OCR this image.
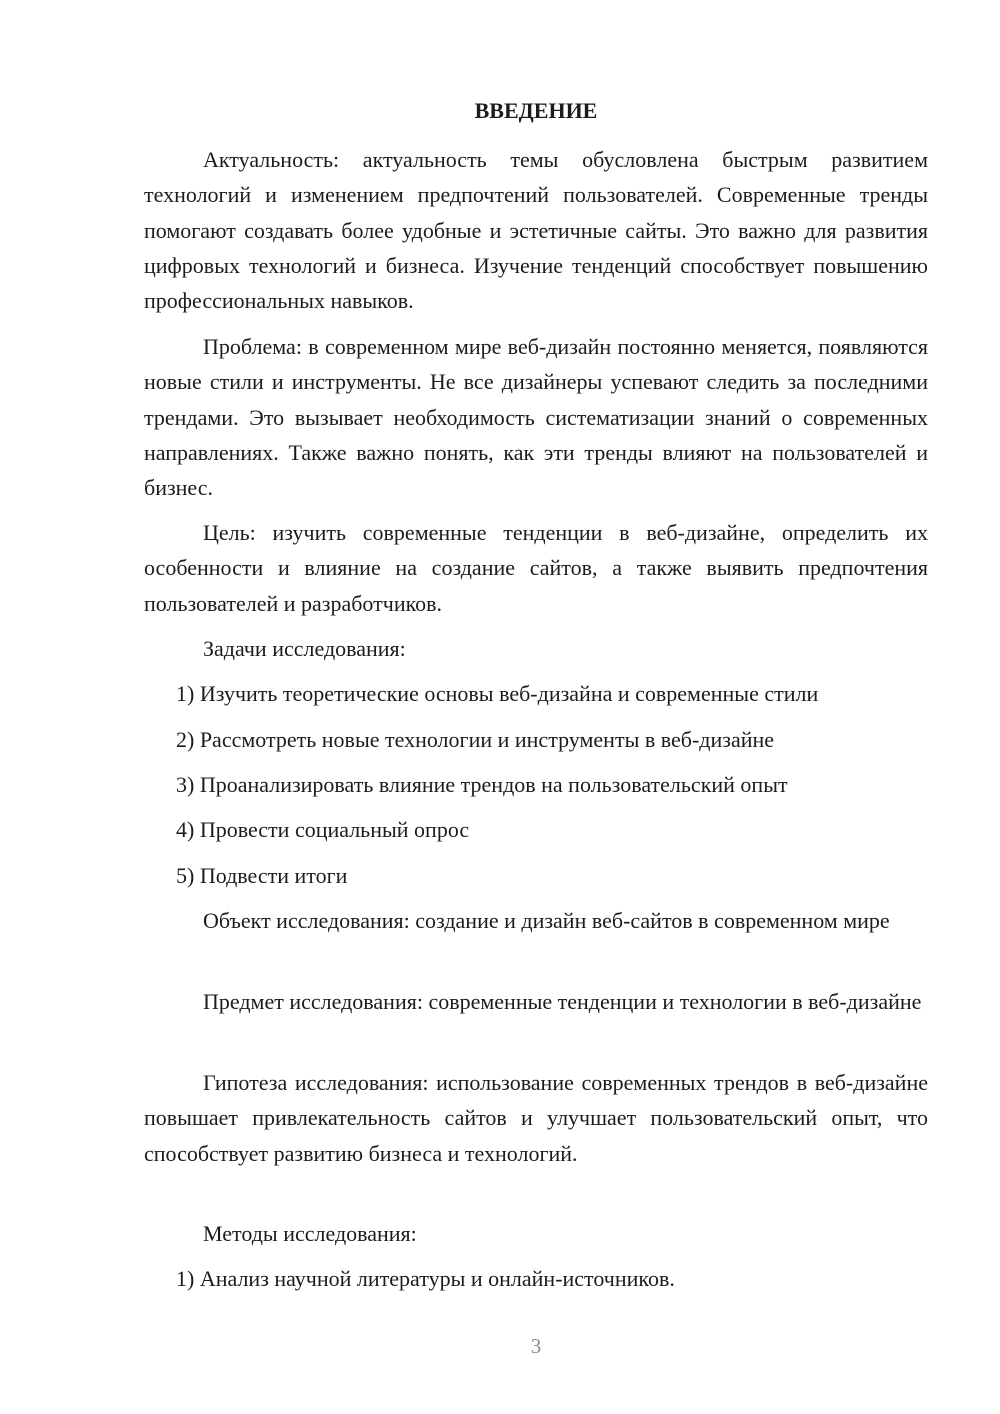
ВВЕДЕНИЕ

Актуальность: актуальность темы обусловлена быстрым развитием технологий и изменением предпочтений пользователей. Современные тренды помогают создавать более удобные и эстетичные сайты. Это важно для развития цифровых технологий и бизнеса. Изучение тенденций способствует повышению профессиональных навыков.

Проблема: в современном мире веб-дизайн постоянно меняется, появляются новые стили и инструменты. Не все дизайнеры успевают следить за последними трендами. Это вызывает необходимость систематизации знаний о современных направлениях. Также важно понять, как эти тренды влияют на пользователей и бизнес.

Цель: изучить современные тенденции в веб-дизайне, определить их особенности и влияние на создание сайтов, а также выявить предпочтения пользователей и разработчиков.

Задачи исследования:

1) Изучить теоретические основы веб-дизайна и современные стили

2) Рассмотреть новые технологии и инструменты в веб-дизайне

3) Проанализировать влияние трендов на пользовательский опыт

4) Провести социальный опрос

5) Подвести итоги

Объект исследования: создание и дизайн веб-сайтов в современном мире

Предмет исследования: современные тенденции и технологии в веб-дизайне

Гипотеза исследования: использование современных трендов в веб-дизайне повышает привлекательность сайтов и улучшает пользовательский опыт, что способствует развитию бизнеса и технологий.

Методы исследования:

1) Анализ научной литературы и онлайн-источников.

3
